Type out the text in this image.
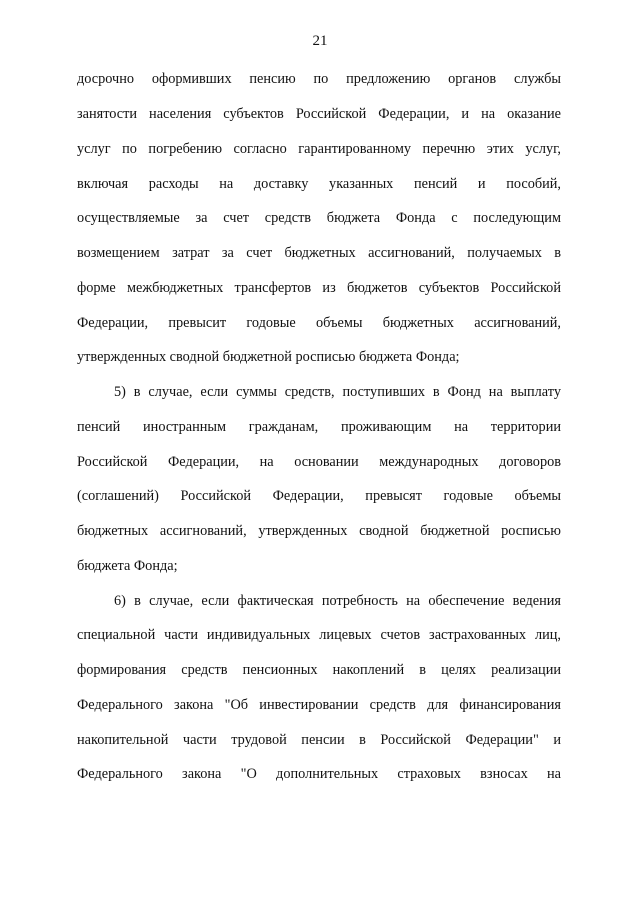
21
досрочно оформивших пенсию по предложению органов службы
занятости населения субъектов Российской Федерации, и на оказание
услуг по погребению согласно гарантированному перечню этих услуг,
включая расходы на доставку указанных пенсий и пособий,
осуществляемые за счет средств бюджета Фонда с последующим
возмещением затрат за счет бюджетных ассигнований, получаемых в
форме межбюджетных трансфертов из бюджетов субъектов Российской
Федерации, превысит годовые объемы бюджетных ассигнований,
утвержденных сводной бюджетной росписью бюджета Фонда;
5) в случае, если суммы средств, поступивших в Фонд на выплату
пенсий иностранным гражданам, проживающим на территории
Российской Федерации, на основании международных договоров
(соглашений) Российской Федерации, превысят годовые объемы
бюджетных ассигнований, утвержденных сводной бюджетной росписью
бюджета Фонда;
6) в случае, если фактическая потребность на обеспечение ведения
специальной части индивидуальных лицевых счетов застрахованных лиц,
формирования средств пенсионных накоплений в целях реализации
Федерального закона "Об инвестировании средств для финансирования
накопительной части трудовой пенсии в Российской Федерации" и
Федерального закона "О дополнительных страховых взносах на
